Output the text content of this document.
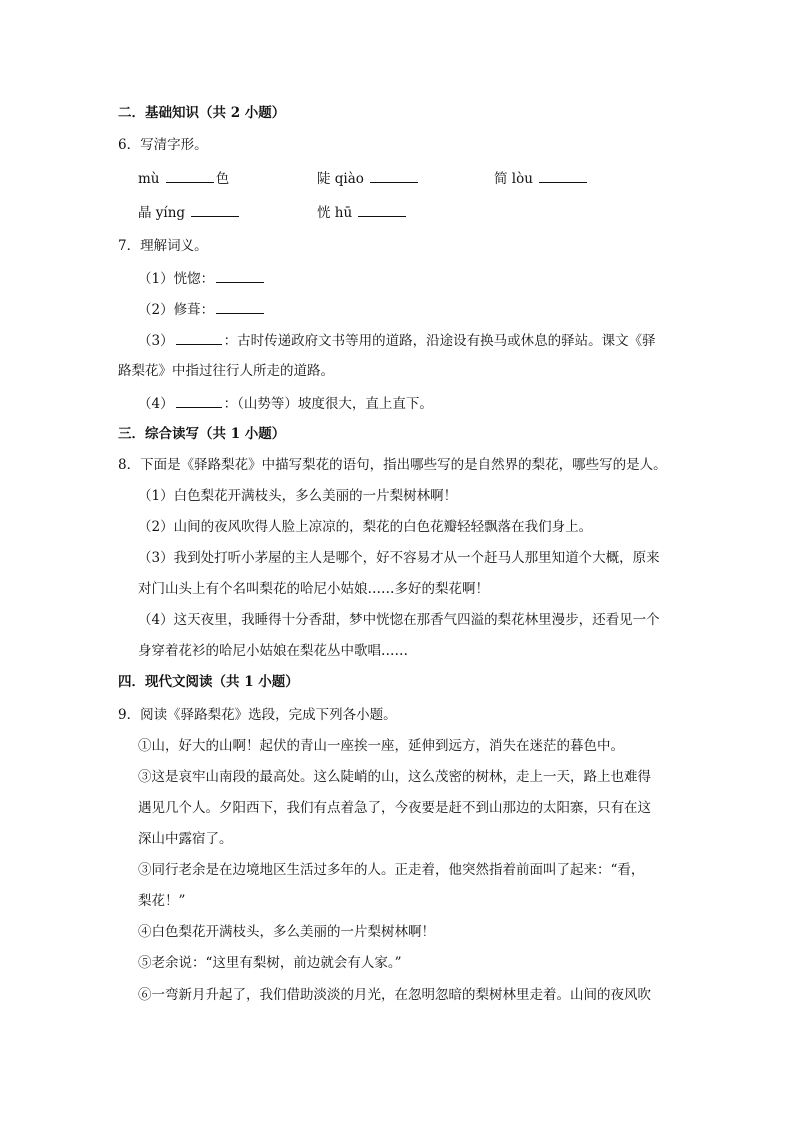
二．基础知识（共 2 小题）
6．写清字形。
mù	色	陡 qiào	简 lòu
晶 yíng	恍 hū
7．理解词义。
（1）恍惚：
（2）修葺：
（3）	：古时传递政府文书等用的道路，沿途设有换马或休息的驿站。课文《驿
路梨花》中指过往行人所走的道路。
（4）	：（山势等）坡度很大，直上直下。
三．综合读写（共 1 小题）
8．下面是《驿路梨花》中描写梨花的语句，指出哪些写的是自然界的梨花，哪些写的是人。
（1）白色梨花开满枝头，多么美丽的一片梨树林啊！
（2）山间的夜风吹得人脸上凉凉的，梨花的白色花瓣轻轻飘落在我们身上。
（3）我到处打听小茅屋的主人是哪个，好不容易才从一个赶马人那里知道个大概，原来
对门山头上有个名叫梨花的哈尼小姑娘……多好的梨花啊！
（4）这天夜里，我睡得十分香甜，梦中恍惚在那香气四溢的梨花林里漫步，还看见一个
身穿着花衫的哈尼小姑娘在梨花丛中歌唱……
四．现代文阅读（共 1 小题）
9．阅读《驿路梨花》选段，完成下列各小题。
①山，好大的山啊！起伏的青山一座挨一座，延伸到远方，消失在迷茫的暮色中。
③这是哀牢山南段的最高处。这么陡峭的山，这么茂密的树林，走上一天，路上也难得
遇见几个人。夕阳西下，我们有点着急了，今夜要是赶不到山那边的太阳寨，只有在这
深山中露宿了。
③同行老余是在边境地区生活过多年的人。正走着，他突然指着前面叫了起来：“看，
梨花！”
④白色梨花开满枝头，多么美丽的一片梨树林啊！
⑤老余说：“这里有梨树，前边就会有人家。”
⑥一弯新月升起了，我们借助淡淡的月光，在忽明忽暗的梨树林里走着。山间的夜风吹
